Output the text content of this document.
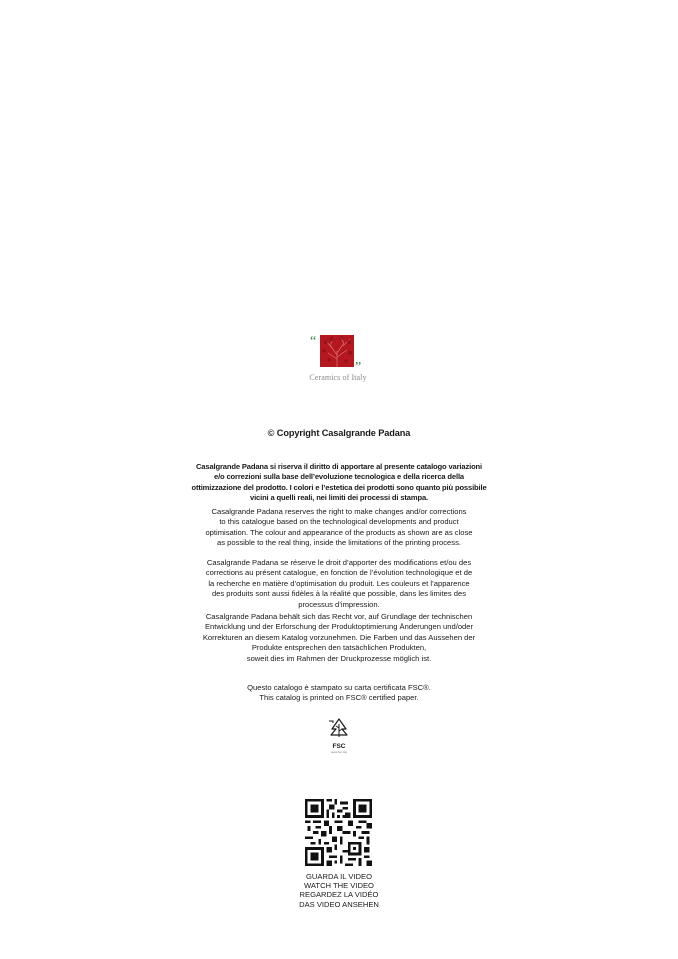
“
”
Ceramics of Italy
© Copyright Casalgrande Padana

Casalgrande Padana si riserva il diritto di apportare al presente catalogo variazioni
e/o correzioni sulla base dell’evoluzione tecnologica e della ricerca della
ottimizzazione del prodotto. I colori e l’estetica dei prodotti sono quanto più possibile
vicini a quelli reali, nei limiti dei processi di stampa.

Casalgrande Padana reserves the right to make changes and/or corrections
to this catalogue based on the technological developments and product
optimisation. The colour and appearance of the products as shown are as close
as possible to the real thing, inside the limitations of the printing process.

Casalgrande Padana se réserve le droit d’apporter des modifications et/ou des
corrections au présent catalogue, en fonction de l’évolution technologique et de
la recherche en matière d’optimisation du produit. Les couleurs et l’apparence
des produits sont aussi fidèles à la réalité que possible, dans les limites des
processus d’impression.

Casalgrande Padana behält sich das Recht vor, auf Grundlage der technischen
Entwicklung und der Erforschung der Produktoptimierung Änderungen und/oder
Korrekturen an diesem Katalog vorzunehmen. Die Farben und das Aussehen der
Produkte entsprechen den tatsächlichen Produkten,
soweit dies im Rahmen der Druckprozesse möglich ist.

Questo catalogo è stampato su carta certificata FSC®.
This catalog is printed on FSC® certified paper.
FSC
www.fsc.org
GUARDA IL VIDEO
WATCH THE VIDEO
REGARDEZ LA VIDÉO
DAS VIDEO ANSEHEN
